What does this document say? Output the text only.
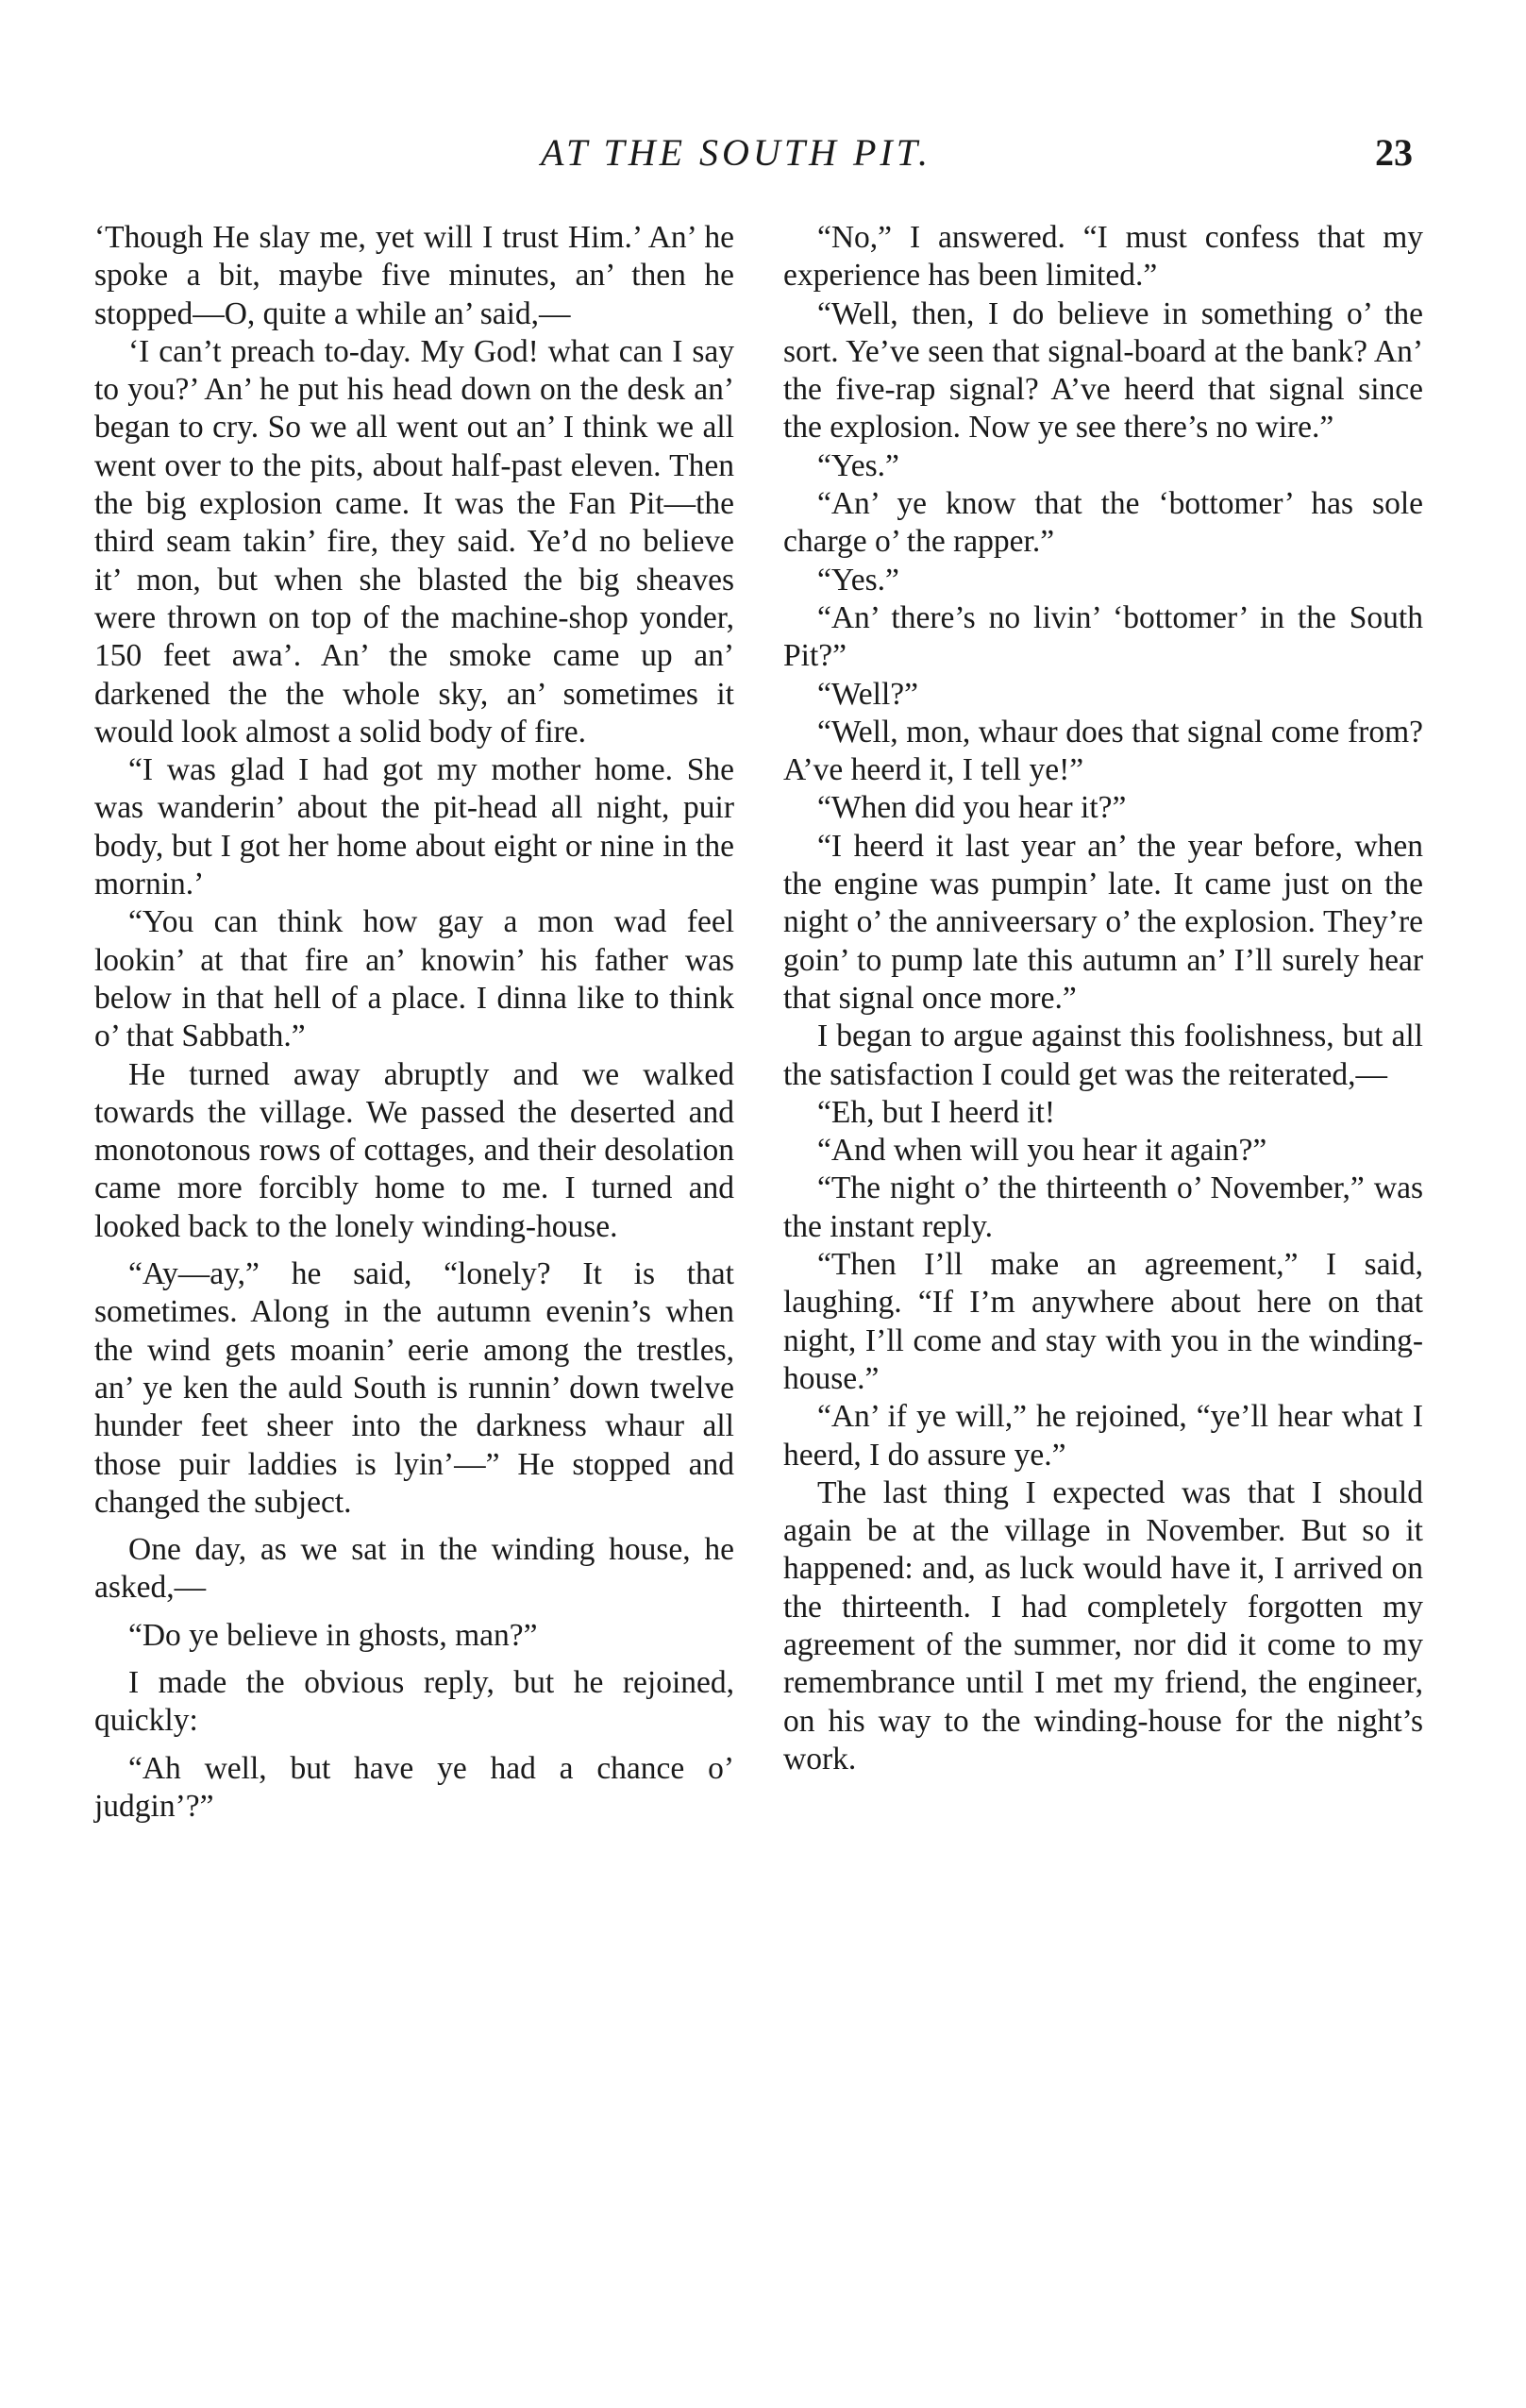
AT THE SOUTH PIT.	23

‘Though He slay me, yet will I trust Him.’ An’ he spoke a bit, maybe five minutes, an’ then he stopped—O, quite a while an’ said,—

‘I can’t preach to-day. My God! what can I say to you?’ An’ he put his head down on the desk an’ began to cry. So we all went out an’ I think we all went over to the pits, about half-past eleven. Then the big explosion came. It was the Fan Pit—the third seam takin’ fire, they said. Ye’d no believe it’ mon, but when she blasted the big sheaves were thrown on top of the machine-shop yonder, 150 feet awa’. An’ the smoke came up an’ darkened the the whole sky, an’ sometimes it would look almost a solid body of fire.

“I was glad I had got my mother home. She was wanderin’ about the pit-head all night, puir body, but I got her home about eight or nine in the mornin.’

“You can think how gay a mon wad feel lookin’ at that fire an’ knowin’ his father was below in that hell of a place. I dinna like to think o’ that Sabbath.”

He turned away abruptly and we walked towards the village. We passed the deserted and monotonous rows of cottages, and their desolation came more forcibly home to me. I turned and looked back to the lonely winding-house.

“Ay—ay,” he said, “lonely? It is that sometimes. Along in the autumn evenin’s when the wind gets moanin’ eerie among the trestles, an’ ye ken the auld South is runnin’ down twelve hunder feet sheer into the darkness whaur all those puir laddies is lyin’—” He stopped and changed the subject.

One day, as we sat in the winding house, he asked,—

“Do ye believe in ghosts, man?”

I made the obvious reply, but he rejoined, quickly:

“Ah well, but have ye had a chance o’ judgin’?”

“No,” I answered. “I must confess that my experience has been limited.”

“Well, then, I do believe in something o’ the sort. Ye’ve seen that signal-board at the bank? An’ the five-rap signal? A’ve heerd that signal since the explosion. Now ye see there’s no wire.”

“Yes.”

“An’ ye know that the ‘bottomer’ has sole charge o’ the rapper.”

“Yes.”

“An’ there’s no livin’ ‘bottomer’ in the South Pit?”

“Well?”

“Well, mon, whaur does that signal come from? A’ve heerd it, I tell ye!”

“When did you hear it?”

“I heerd it last year an’ the year before, when the engine was pumpin’ late. It came just on the night o’ the anniveersary o’ the explosion. They’re goin’ to pump late this autumn an’ I’ll surely hear that signal once more.”

I began to argue against this foolishness, but all the satisfaction I could get was the reiterated,—

“Eh, but I heerd it!

“And when will you hear it again?”

“The night o’ the thirteenth o’ November,” was the instant reply.

“Then I’ll make an agreement,” I said, laughing. “If I’m anywhere about here on that night, I’ll come and stay with you in the winding-house.”

“An’ if ye will,” he rejoined, “ye’ll hear what I heerd, I do assure ye.”

The last thing I expected was that I should again be at the village in November. But so it happened: and, as luck would have it, I arrived on the thirteenth. I had completely forgotten my agreement of the summer, nor did it come to my remembrance until I met my friend, the engineer, on his way to the winding-house for the night’s work.
